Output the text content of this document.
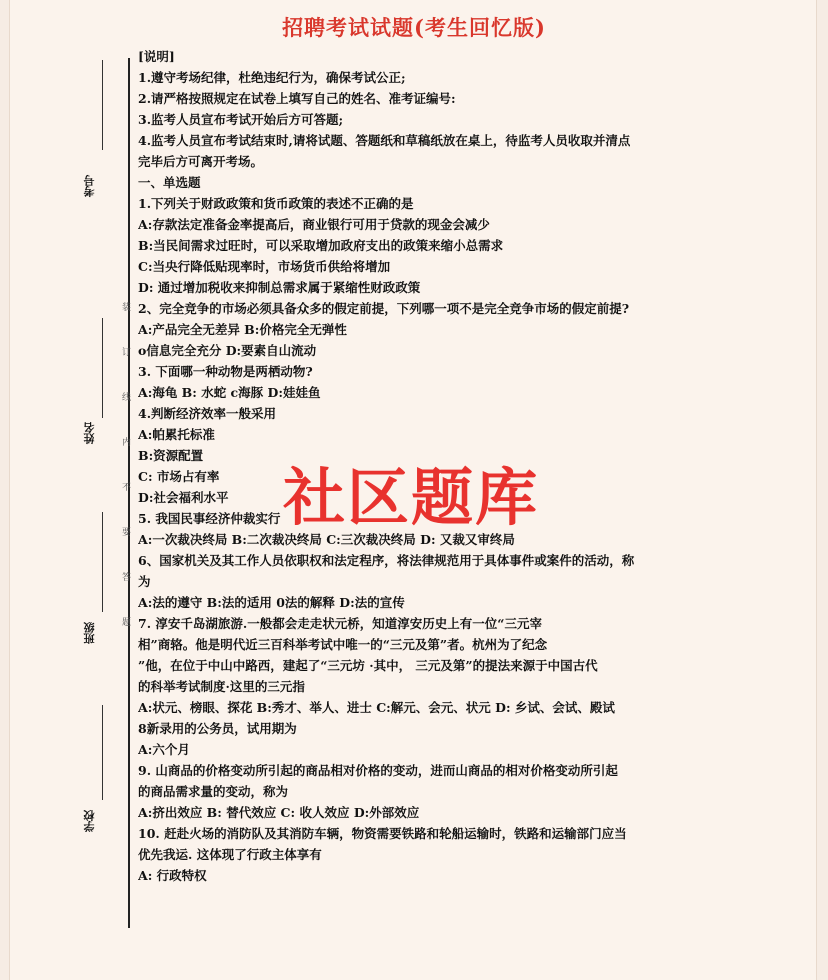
考号
姓名
班级
学校
装
订
线
内
不
要
答
题
招聘考试试题(考生回忆版)
[说明]
1.遵守考场纪律，杜绝违纪行为，确保考试公正;
2.请严格按照规定在试卷上填写自己的姓名、准考证编号:
3.监考人员宣布考试开始后方可答题;
4.监考人员宣布考试结束时,请将试题、答题纸和草稿纸放在桌上，待监考人员收取并清点
完毕后方可离开考场。
一、单选题
1.下列关于财政政策和货币政策的表述不正确的是
A:存款法定准备金率提高后，商业银行可用于贷款的现金会减少
B:当民间需求过旺时，可以采取增加政府支出的政策来缩小总需求
C:当央行降低贴现率时，市场货币供给将增加
D: 通过增加税收来抑制总需求属于紧缩性财政政策
2、完全竞争的市场必须具备众多的假定前提，下列哪一项不是完全竞争市场的假定前提?
A:产品完全无差异 B:价格完全无弹性
o信息完全充分 D:要素自山流动
3. 下面哪一种动物是两栖动物?
A:海龟 B: 水蛇 c海豚 D:娃娃鱼
4.判断经济效率一般采用
A:帕累托标准
B:资源配置
C: 市场占有率
D:社会福利水平
5. 我国民事经济仲裁实行
A:一次裁决终局 B:二次裁决终局 C:三次裁决终局 D: 又裁又审终局
6、国家机关及其工作人员依职权和法定程序，将法律规范用于具体事件或案件的活动，称
为
A:法的遵守 B:法的适用 0法的解释 D:法的宣传
7. 淳安千岛湖旅游.一般都会走走状元桥，知道淳安历史上有一位“三元宰
相”商辂。他是明代近三百科举考试中唯一的“三元及第”者。杭州为了纪念
”他，在位于中山中路西，建起了“三元坊 ·其中， 三元及第”的提法来源于中国古代
的科举考试制度·这里的三元指
A:状元、榜眼、探花 B:秀才、举人、进士 C:解元、会元、状元 D: 乡试、会试、殿试
8新录用的公务员，试用期为
A:六个月
9. 山商品的价格变动所引起的商品相对价格的变动，进而山商品的相对价格变动所引起
的商品需求量的变动，称为
A:挤出效应 B: 替代效应 C: 收人效应 D:外部效应
10. 赶赴火场的消防队及其消防车辆，物资需要铁路和轮船运输时，铁路和运输部门应当
优先我运. 这体现了行政主体享有
A: 行政特权
社区题库
